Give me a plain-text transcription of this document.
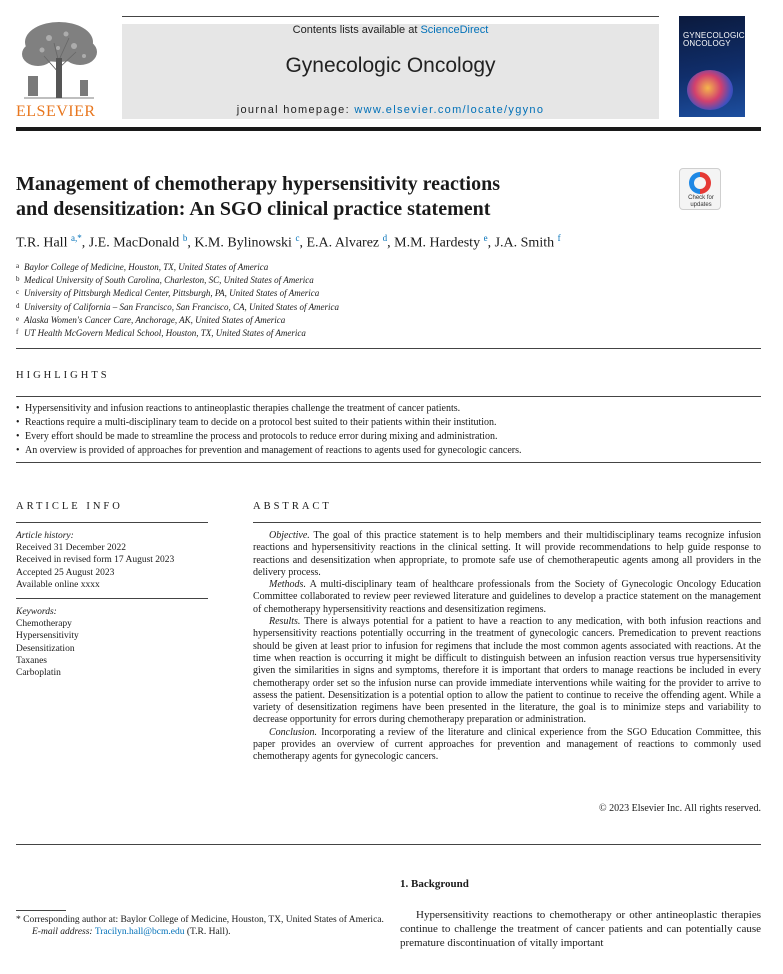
ELSEVIER
Contents lists available at ScienceDirect
Gynecologic Oncology
journal homepage: www.elsevier.com/locate/ygyno
GYNECOLOGIC
ONCOLOGY
Management of chemotherapy hypersensitivity reactions
and desensitization: An SGO clinical practice statement	Check for
updates
T.R. Hall $^{a,*}$, J.E. MacDonald $^b$, K.M. Bylinowski $^c$, E.A. Alvarez $^d$, M.M. Hardesty $^e$, J.A. Smith $^f$
a Baylor College of Medicine, Houston, TX, United States of America
b Medical University of South Carolina, Charleston, SC, United States of America
c University of Pittsburgh Medical Center, Pittsburgh, PA, United States of America
d University of California – San Francisco, San Francisco, CA, United States of America
e Alaska Women's Cancer Care, Anchorage, AK, United States of America
f UT Health McGovern Medical School, Houston, TX, United States of America
HIGHLIGHTS
• Hypersensitivity and infusion reactions to antineoplastic therapies challenge the treatment of cancer patients.
• Reactions require a multi-disciplinary team to decide on a protocol best suited to their patients within their institution.
• Every effort should be made to streamline the process and protocols to reduce error during mixing and administration.
• An overview is provided of approaches for prevention and management of reactions to agents used for gynecologic cancers.
ARTICLE INFO
Article history:
Received 31 December 2022
Received in revised form 17 August 2023
Accepted 25 August 2023
Available online xxxx
Keywords:
Chemotherapy
Hypersensitivity
Desensitization
Taxanes
Carboplatin
ABSTRACT

Objective. The goal of this practice statement is to help members and their multidisciplinary teams recognize infusion reactions and hypersensitivity reactions in the clinical setting. It will provide recommendations to help guide response to reactions and desensitization when appropriate, to promote safe use of chemotherapeutic agents among all providers in the delivery process.

Methods. A multi-disciplinary team of healthcare professionals from the Society of Gynecologic Oncology Education Committee collaborated to review peer reviewed literature and guidelines to develop a practice statement on the management of chemotherapy hypersensitivity reactions and desensitization regimens.

Results. There is always potential for a patient to have a reaction to any medication, with both infusion reactions and hypersensitivity reactions potentially occurring in the treatment of gynecologic cancers. Premedication to prevent reactions should be given at least prior to infusion for regimens that include the most common agents associated with reactions. At the time when reaction is occurring it might be difficult to distinguish between an infusion reaction versus true hypersensitivity given the similarities in signs and symptoms, therefore it is important that orders to manage reactions be included in every chemotherapy order set so the infusion nurse can provide immediate interventions while waiting for the provider to arrive to assess the patient. Desensitization is a potential option to allow the patient to continue to receive the offending agent. While a variety of desensitization regimens have been presented in the literature, the goal is to minimize steps and variability to decrease opportunity for errors during chemotherapy preparation or administration.

Conclusion. Incorporating a review of the literature and clinical experience from the SGO Education Committee, this paper provides an overview of current approaches for prevention and management of reactions to commonly used chemotherapy agents for gynecologic cancers.

© 2023 Elsevier Inc. All rights reserved.
* Corresponding author at: Baylor College of Medicine, Houston, TX, United States of America.
E-mail address: Tracilyn.hall@bcm.edu (T.R. Hall).
1. Background

Hypersensitivity reactions to chemotherapy or other antineoplastic therapies continue to challenge the treatment of cancer patients and can potentially cause premature discontinuation of vitally important
